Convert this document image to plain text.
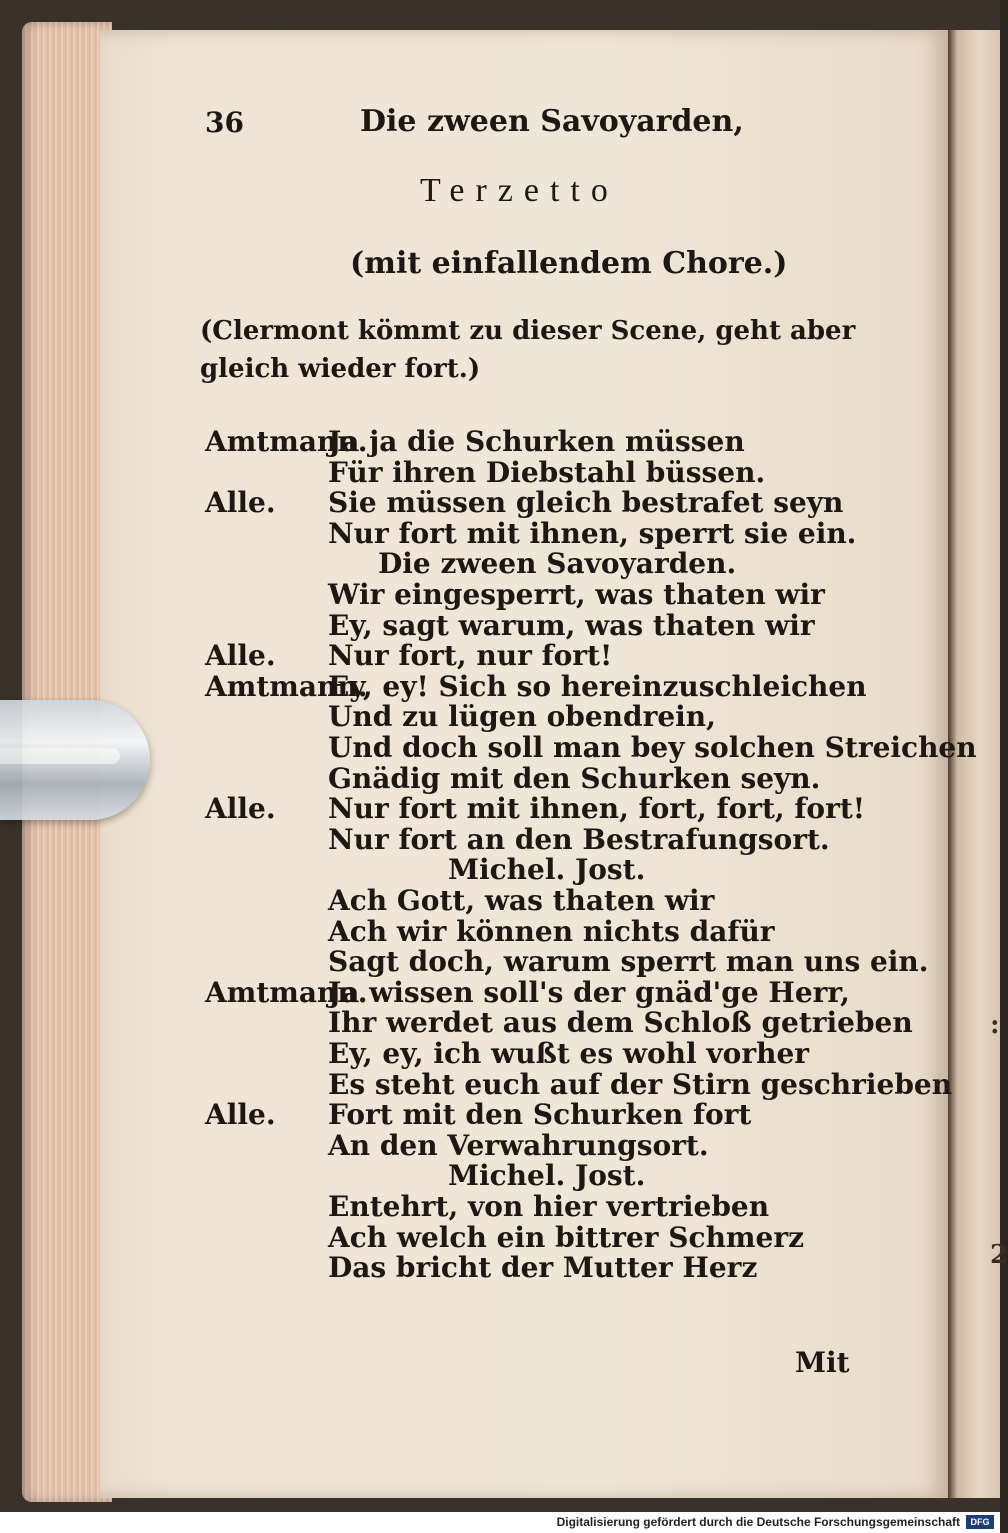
:
2
36	Die zween Savoyarden,
Terzetto
(mit einfallendem Chore.)
(Clermont kömmt zu dieser Scene, geht aber gleich wieder fort.)
Amtmann.
Ja ja die Schurken müssen
Für ihren Diebstahl büssen.
Alle. Sie müssen gleich bestrafet seyn
Nur fort mit ihnen, sperrt sie ein.
Die zween Savoyarden.
Wir eingesperrt, was thaten wir
Ey, sagt warum, was thaten wir
Alle. Nur fort, nur fort!
Amtmann.
Ey, ey! Sich so hereinzuschleichen
Und zu lügen obendrein,
Und doch soll man bey solchen Streichen
Gnädig mit den Schurken seyn.
Alle. Nur fort mit ihnen, fort, fort, fort!
Nur fort an den Bestrafungsort.
Michel. Jost.
Ach Gott, was thaten wir
Ach wir können nichts dafür
Sagt doch, warum sperrt man uns ein.
Amtmann.
Ja wissen soll's der gnäd'ge Herr,
Ihr werdet aus dem Schloß getrieben
Ey, ey, ich wußt es wohl vorher
Es steht euch auf der Stirn geschrieben
Alle. Fort mit den Schurken fort
An den Verwahrungsort.
Michel. Jost.
Entehrt, von hier vertrieben
Ach welch ein bittrer Schmerz
Das bricht der Mutter Herz
Mit
Digitalisierung gefördert durch die Deutsche Forschungsgemeinschaft	DFG
